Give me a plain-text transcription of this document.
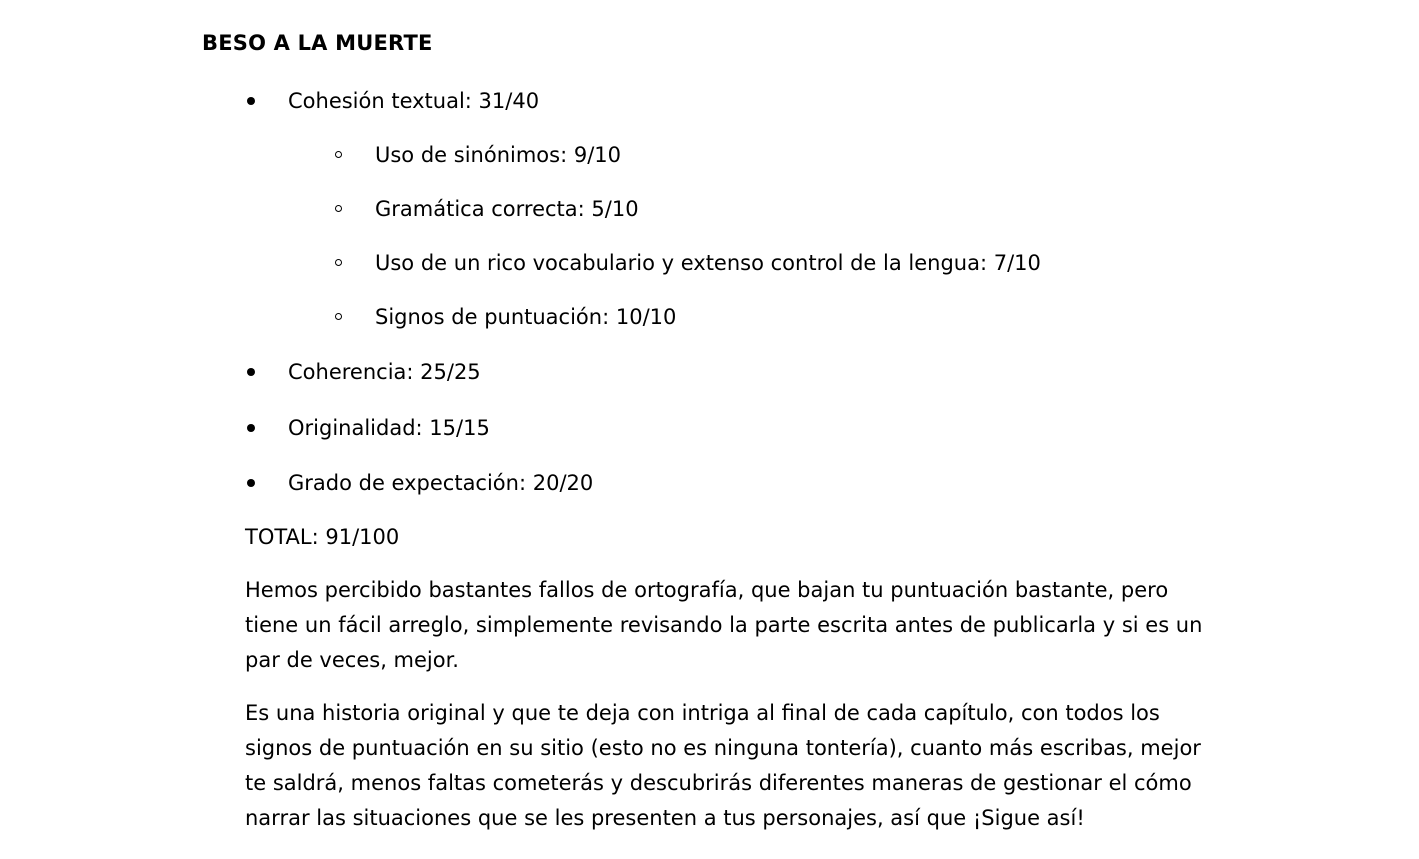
BESO A LA MUERTE
Cohesión textual: 31/40
Uso de sinónimos: 9/10
Gramática correcta: 5/10
Uso de un rico vocabulario y extenso control de la lengua: 7/10
Signos de puntuación: 10/10
Coherencia: 25/25
Originalidad: 15/15
Grado de expectación: 20/20
TOTAL: 91/100
Hemos percibido bastantes fallos de ortografía, que bajan tu puntuación bastante, pero
tiene un fácil arreglo, simplemente revisando la parte escrita antes de publicarla y si es un
par de veces, mejor.
Es una historia original y que te deja con intriga al final de cada capítulo, con todos los
signos de puntuación en su sitio (esto no es ninguna tontería), cuanto más escribas, mejor
te saldrá, menos faltas cometerás y descubrirás diferentes maneras de gestionar el cómo
narrar las situaciones que se les presenten a tus personajes, así que ¡Sigue así!
